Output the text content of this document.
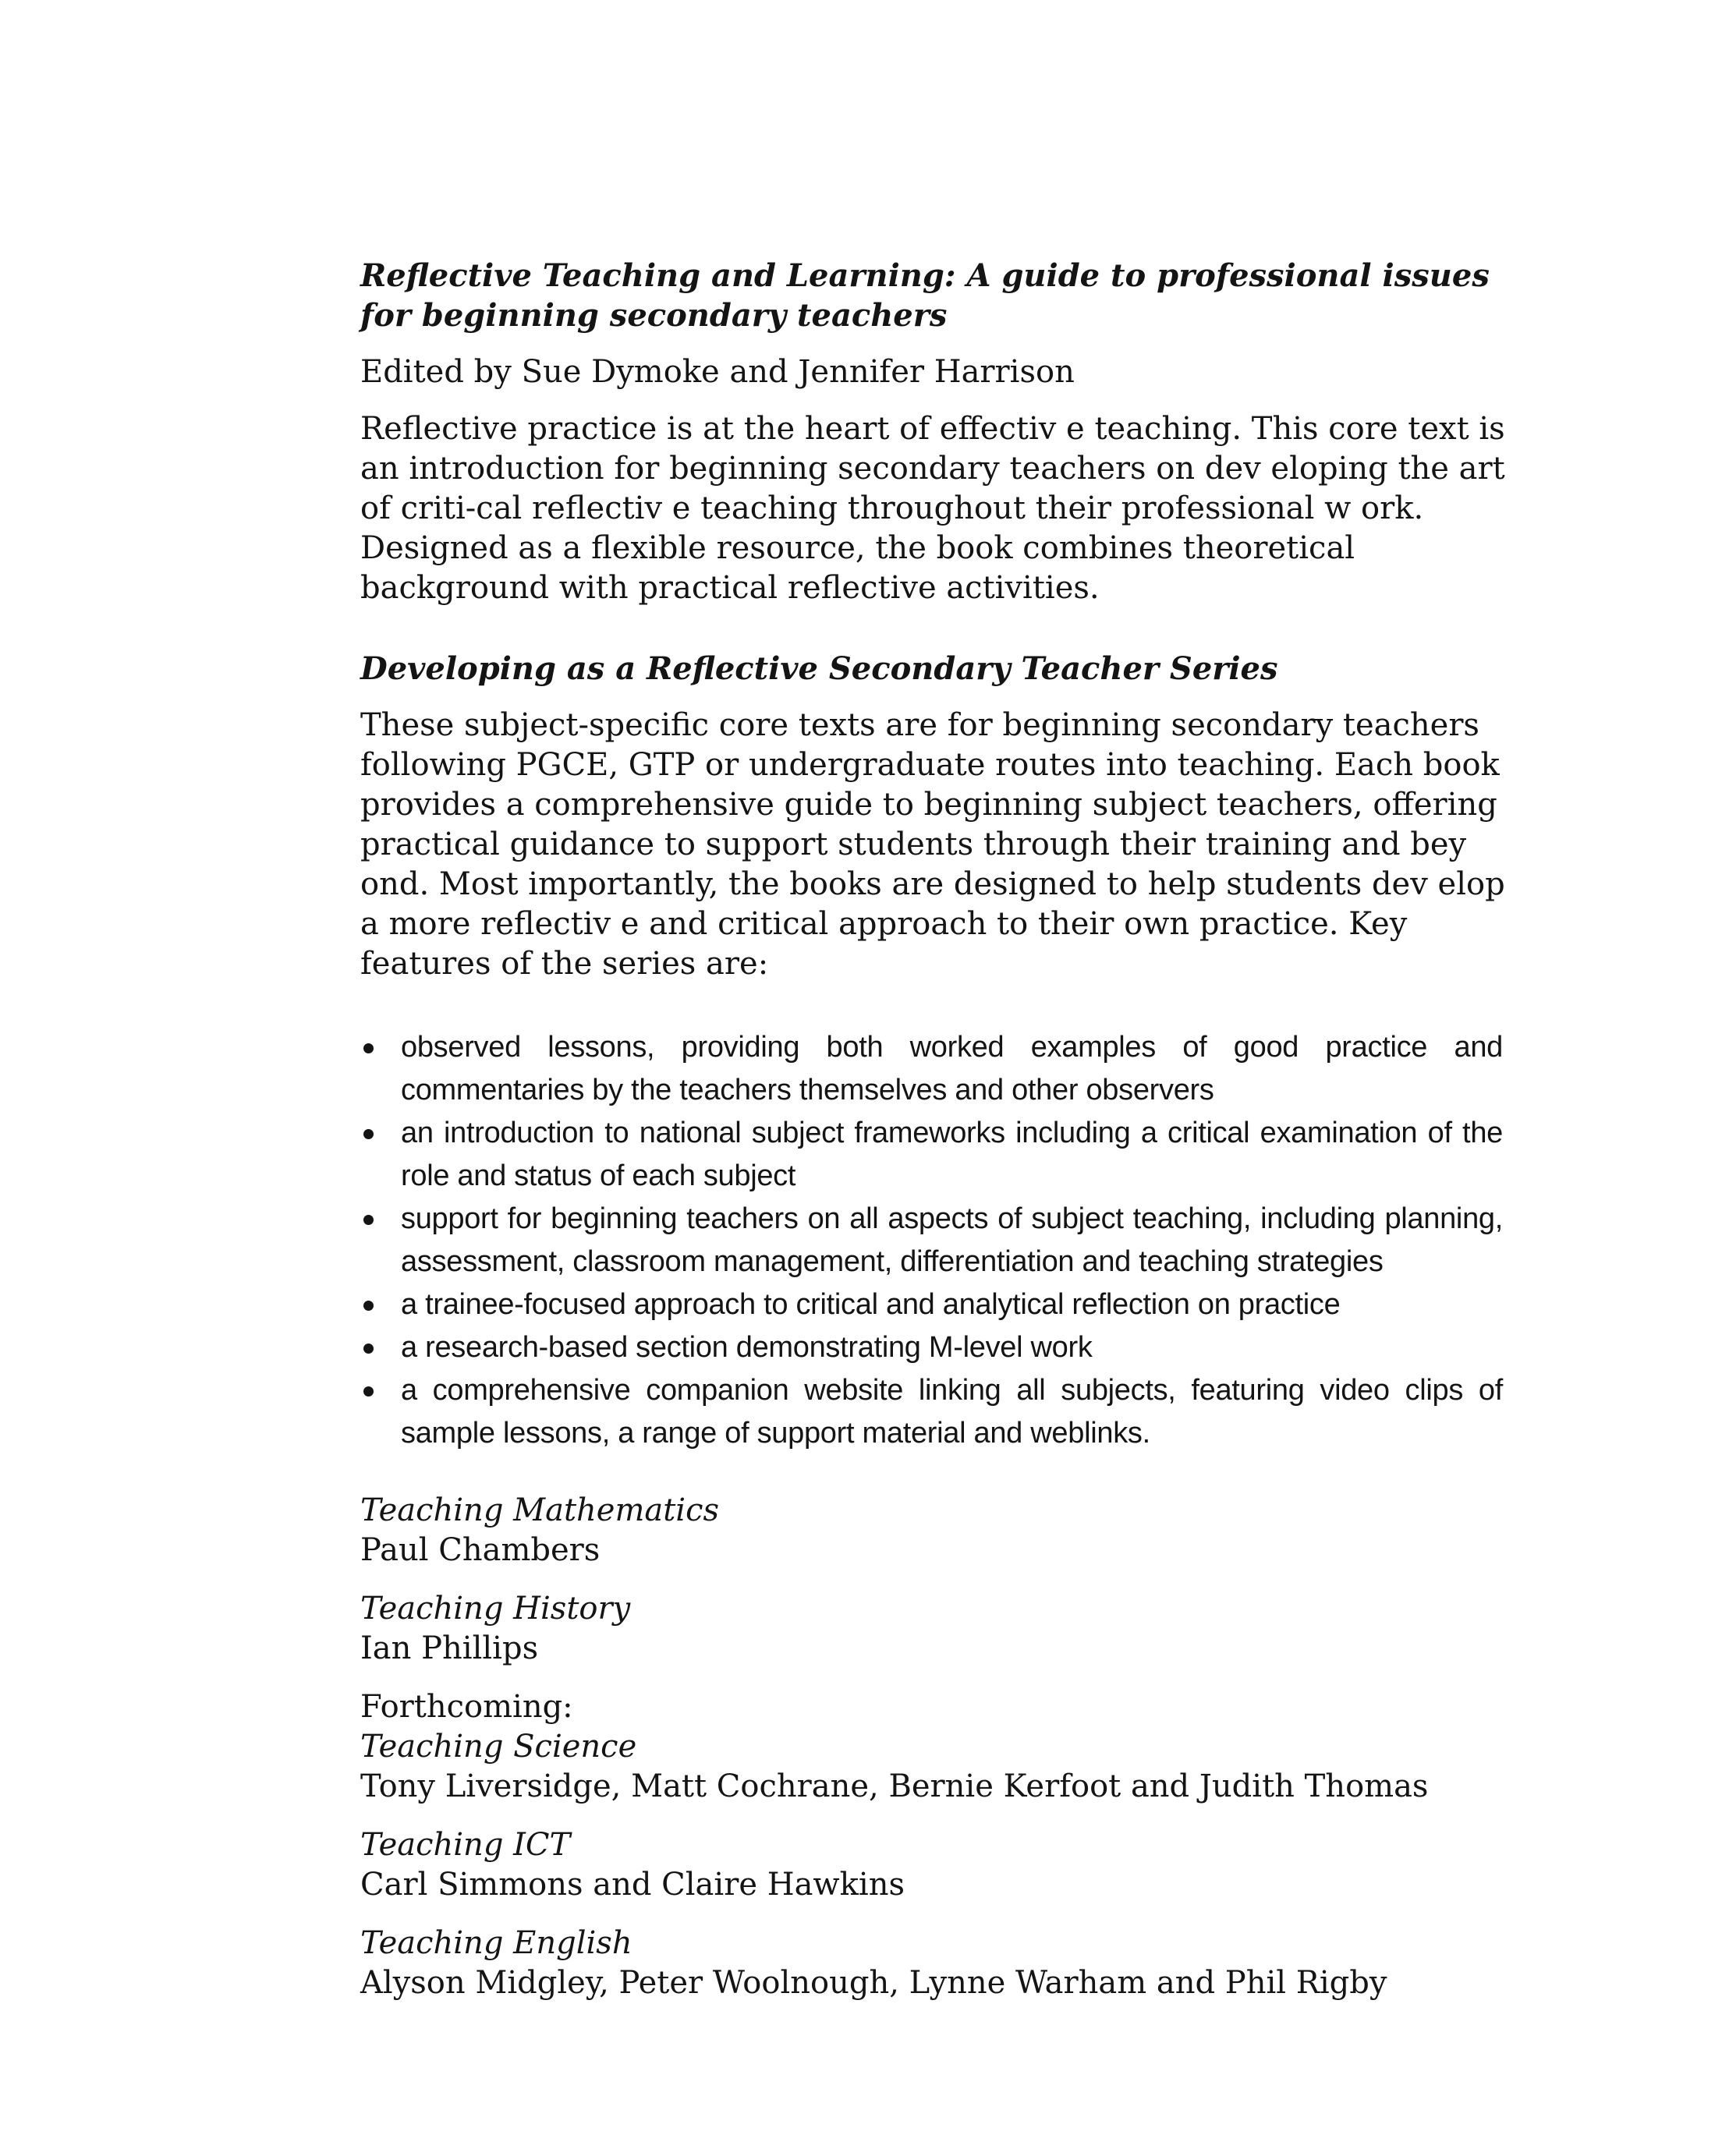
Reflective Teaching and Learning: A guide to professional issues for beginning secondary teachers

Edited by Sue Dymoke and Jennifer Harrison

Reflective practice is at the heart of effectiv e teaching. This core text is an introduction for beginning secondary teachers on dev eloping the art of criti-cal reflectiv e teaching throughout their professional w ork. Designed as a flexible resource, the book combines theoretical background with practical reflective activities.

Developing as a Reflective Secondary Teacher Series

These subject-specific core texts are for beginning secondary teachers following PGCE, GTP or undergraduate routes into teaching. Each book provides a comprehensive guide to beginning subject teachers, offering practical guidance to support students through their training and bey ond. Most importantly, the books are designed to help students dev elop a more reflectiv e and critical approach to their own practice. Key features of the series are:

observed lessons, providing both worked examples of good practice and commentaries by the teachers themselves and other observers
an introduction to national subject frameworks including a critical examination of the role and status of each subject
support for beginning teachers on all aspects of subject teaching, including planning, assessment, classroom management, differentiation and teaching strategies
a trainee-focused approach to critical and analytical reflection on practice
a research-based section demonstrating M-level work
a comprehensive companion website linking all subjects, featuring video clips of sample lessons, a range of support material and weblinks.
Teaching Mathematics
Paul Chambers
Teaching History
Ian Phillips
Forthcoming:
Teaching Science
Tony Liversidge, Matt Cochrane, Bernie Kerfoot and Judith Thomas
Teaching ICT
Carl Simmons and Claire Hawkins
Teaching English
Alyson Midgley, Peter Woolnough, Lynne Warham and Phil Rigby
